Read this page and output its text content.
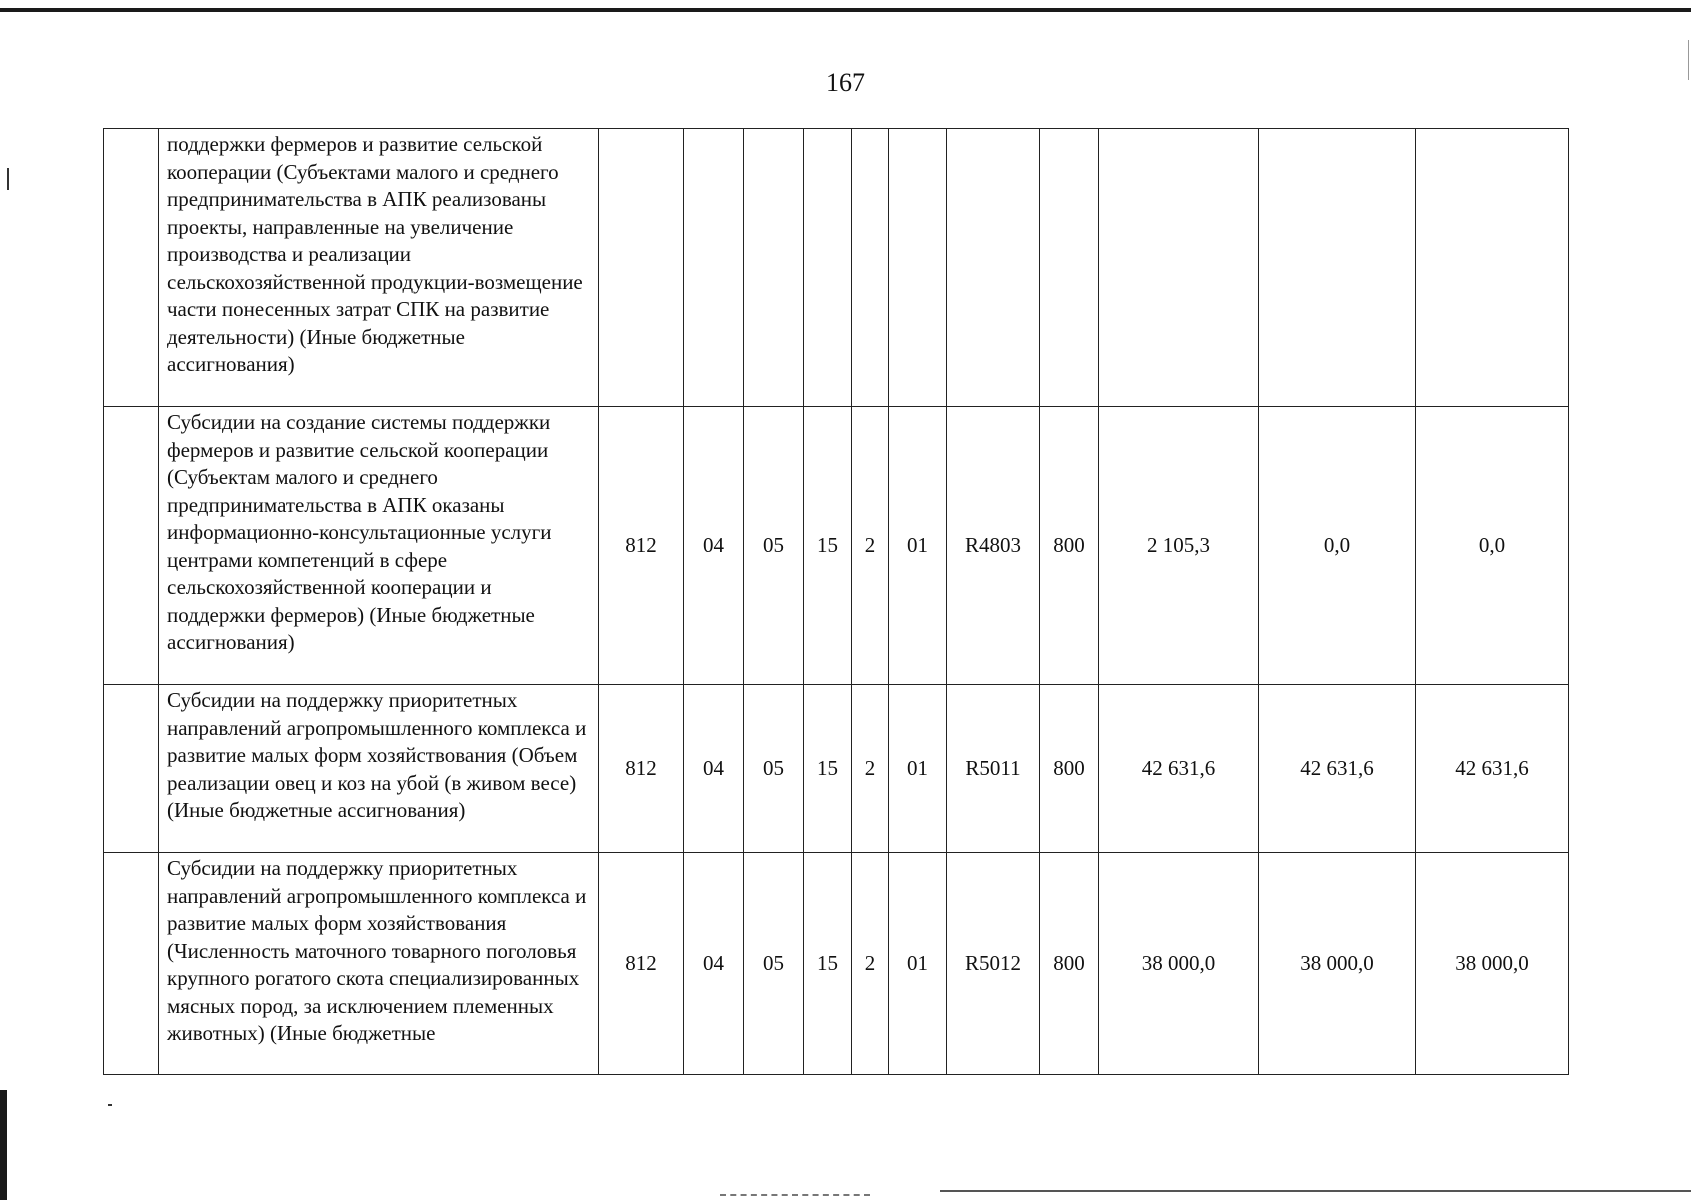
167
	поддержки фермеров и развитие сельской кооперации (Субъектами малого и среднего предпринимательства в АПК реализованы проекты, направленные на увеличение производства и реализации сельскохозяйственной продукции-возмещение части понесенных затрат СПК на развитие деятельности) (Иные бюджетные ассигнования)											
	Субсидии на создание системы поддержки фермеров и развитие сельской кооперации (Субъектам малого и среднего предпринимательства в АПК оказаны информационно-консультационные услуги центрами компетенций в сфере сельскохозяйственной кооперации и поддержки фермеров) (Иные бюджетные ассигнования)	812	04	05	15	2	01	R4803	800	2 105,3	0,0	0,0
	Субсидии на поддержку приоритетных направлений агропромышленного комплекса и развитие малых форм хозяйствования (Объем реализации овец и коз на убой (в живом весе) (Иные бюджетные ассигнования)	812	04	05	15	2	01	R5011	800	42 631,6	42 631,6	42 631,6
	Субсидии на поддержку приоритетных направлений агропромышленного комплекса и развитие малых форм хозяйствования (Численность маточного товарного поголовья крупного рогатого скота специализированных мясных пород, за исключением племенных животных) (Иные бюджетные	812	04	05	15	2	01	R5012	800	38 000,0	38 000,0	38 000,0
